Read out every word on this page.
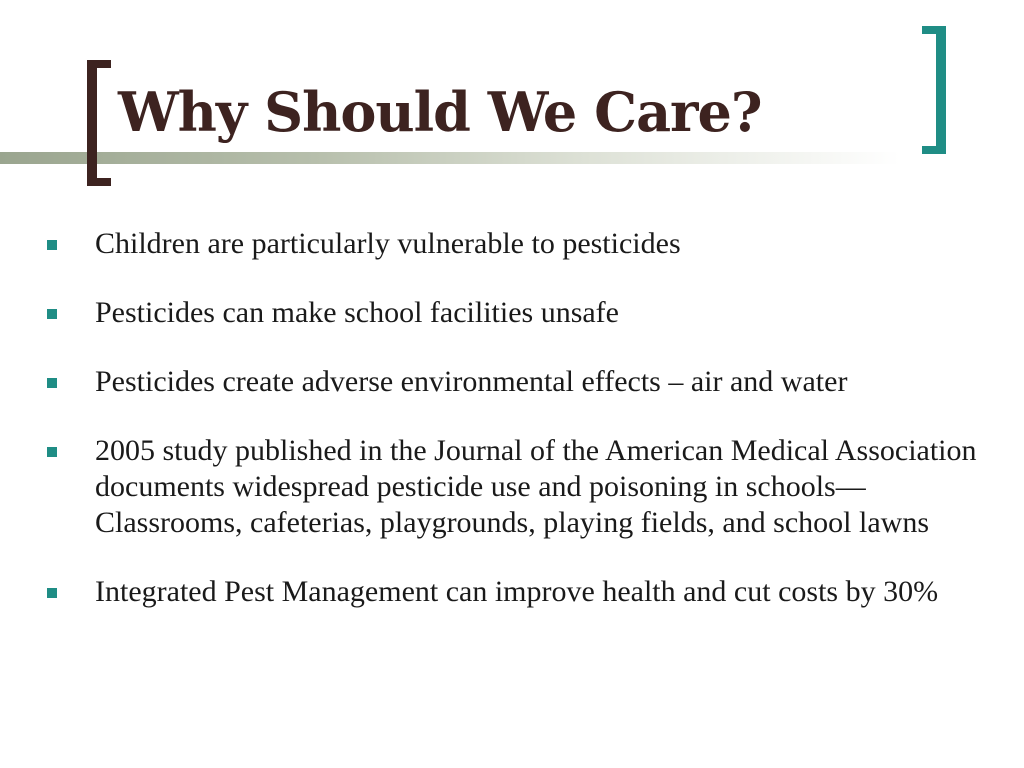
Why Should We Care?
Children are particularly vulnerable to pesticides
Pesticides can make school facilities unsafe
Pesticides create adverse environmental effects – air and water
2005 study published in the Journal of the American Medical Association documents widespread pesticide use and poisoning in schools—Classrooms, cafeterias, playgrounds, playing fields, and school lawns
Integrated Pest Management can improve health and cut costs by 30%
